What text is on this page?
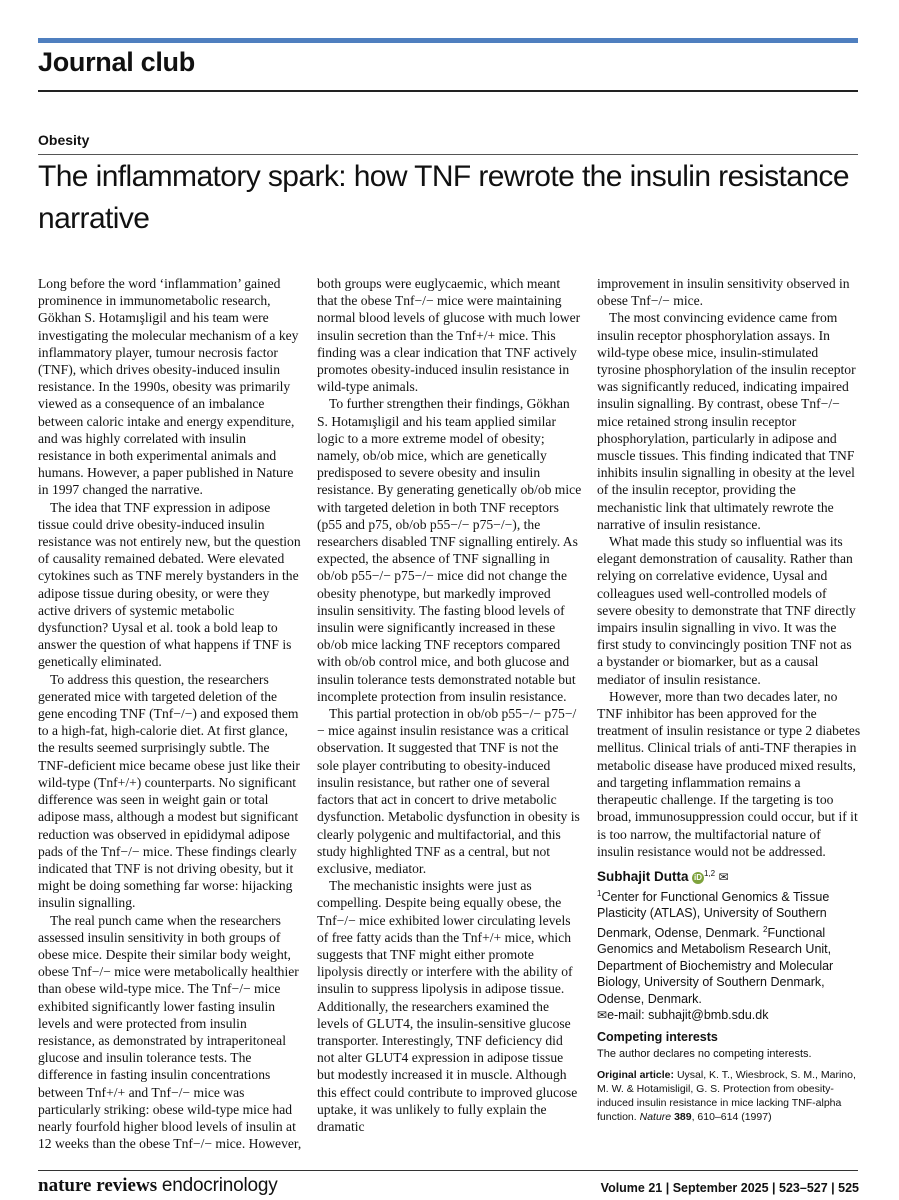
Journal club
Obesity
The inflammatory spark: how TNF rewrote the insulin resistance narrative

Long before the word ‘inflammation’ gained prominence in immunometabolic research, Gökhan S. Hotamışligil and his team were investigating the molecular mechanism of a key inflammatory player, tumour necrosis factor (TNF), which drives obesity-induced insulin resistance. In the 1990s, obesity was primarily viewed as a consequence of an imbalance between caloric intake and energy expenditure, and was highly correlated with insulin resistance in both experimental animals and humans. However, a paper published in Nature in 1997 changed the narrative.

The idea that TNF expression in adipose tissue could drive obesity-induced insulin resistance was not entirely new, but the question of causality remained debated. Were elevated cytokines such as TNF merely bystanders in the adipose tissue during obesity, or were they active drivers of systemic metabolic dysfunction? Uysal et al. took a bold leap to answer the question of what happens if TNF is genetically eliminated.

To address this question, the researchers generated mice with targeted deletion of the gene encoding TNF (Tnf−/−) and exposed them to a high-fat, high-calorie diet. At first glance, the results seemed surprisingly subtle. The TNF-deficient mice became obese just like their wild-type (Tnf+/+) counterparts. No significant difference was seen in weight gain or total adipose mass, although a modest but significant reduction was observed in epididymal adipose pads of the Tnf−/− mice. These findings clearly indicated that TNF is not driving obesity, but it might be doing something far worse: hijacking insulin signalling.

The real punch came when the researchers assessed insulin sensitivity in both groups of obese mice. Despite their similar body weight, obese Tnf−/− mice were metabolically healthier than obese wild-type mice. The Tnf−/− mice exhibited significantly lower fasting insulin levels and were protected from insulin resistance, as demonstrated by intraperitoneal glucose and insulin tolerance tests. The difference in fasting insulin concentrations between Tnf+/+ and Tnf−/− mice was particularly striking: obese wild-type mice had nearly fourfold higher blood levels of insulin at 12 weeks than the obese Tnf−/− mice. However,

both groups were euglycaemic, which meant that the obese Tnf−/− mice were maintaining normal blood levels of glucose with much lower insulin secretion than the Tnf+/+ mice. This finding was a clear indication that TNF actively promotes obesity-induced insulin resistance in wild-type animals.

To further strengthen their findings, Gökhan S. Hotamışligil and his team applied similar logic to a more extreme model of obesity; namely, ob/ob mice, which are genetically predisposed to severe obesity and insulin resistance. By generating genetically ob/ob mice with targeted deletion in both TNF receptors (p55 and p75, ob/ob p55−/− p75−/−), the researchers disabled TNF signalling entirely. As expected, the absence of TNF signalling in ob/ob p55−/− p75−/− mice did not change the obesity phenotype, but markedly improved insulin sensitivity. The fasting blood levels of insulin were significantly increased in these ob/ob mice lacking TNF receptors compared with ob/ob control mice, and both glucose and insulin tolerance tests demonstrated notable but incomplete protection from insulin resistance.

This partial protection in ob/ob p55−/− p75−/− mice against insulin resistance was a critical observation. It suggested that TNF is not the sole player contributing to obesity-induced insulin resistance, but rather one of several factors that act in concert to drive metabolic dysfunction. Metabolic dysfunction in obesity is clearly polygenic and multifactorial, and this study highlighted TNF as a central, but not exclusive, mediator.

The mechanistic insights were just as compelling. Despite being equally obese, the Tnf−/− mice exhibited lower circulating levels of free fatty acids than the Tnf+/+ mice, which suggests that TNF might either promote lipolysis directly or interfere with the ability of insulin to suppress lipolysis in adipose tissue. Additionally, the researchers examined the levels of GLUT4, the insulin-sensitive glucose transporter. Interestingly, TNF deficiency did not alter GLUT4 expression in adipose tissue but modestly increased it in muscle. Although this effect could contribute to improved glucose uptake, it was unlikely to fully explain the dramatic

improvement in insulin sensitivity observed in obese Tnf−/− mice.

The most convincing evidence came from insulin receptor phosphorylation assays. In wild-type obese mice, insulin-stimulated tyrosine phosphorylation of the insulin receptor was significantly reduced, indicating impaired insulin signalling. By contrast, obese Tnf−/− mice retained strong insulin receptor phosphorylation, particularly in adipose and muscle tissues. This finding indicated that TNF inhibits insulin signalling in obesity at the level of the insulin receptor, providing the mechanistic link that ultimately rewrote the narrative of insulin resistance.

What made this study so influential was its elegant demonstration of causality. Rather than relying on correlative evidence, Uysal and colleagues used well-controlled models of severe obesity to demonstrate that TNF directly impairs insulin signalling in vivo. It was the first study to convincingly position TNF not as a bystander or biomarker, but as a causal mediator of insulin resistance.

However, more than two decades later, no TNF inhibitor has been approved for the treatment of insulin resistance or type 2 diabetes mellitus. Clinical trials of anti-TNF therapies in metabolic disease have produced mixed results, and targeting inflammation remains a therapeutic challenge. If the targeting is too broad, immunosuppression could occur, but if it is too narrow, the multifactorial nature of insulin resistance would not be addressed.

Subhajit Dutta iD $^{1,2}$ ✉
$^1$Center for Functional Genomics & Tissue Plasticity (ATLAS), University of Southern Denmark, Odense, Denmark. $^2$Functional Genomics and Metabolism Research Unit, Department of Biochemistry and Molecular Biology, University of Southern Denmark, Odense, Denmark.
✉e-mail: subhajit@bmb.sdu.dk
Competing interests
The author declares no competing interests.
Original article: Uysal, K. T., Wiesbrock, S. M., Marino, M. W. & Hotamisligil, G. S. Protection from obesity-induced insulin resistance in mice lacking TNF-alpha function. Nature 389, 610–614 (1997)
nature reviews endocrinology	Volume 21 | September 2025 | 523–527 | 525
